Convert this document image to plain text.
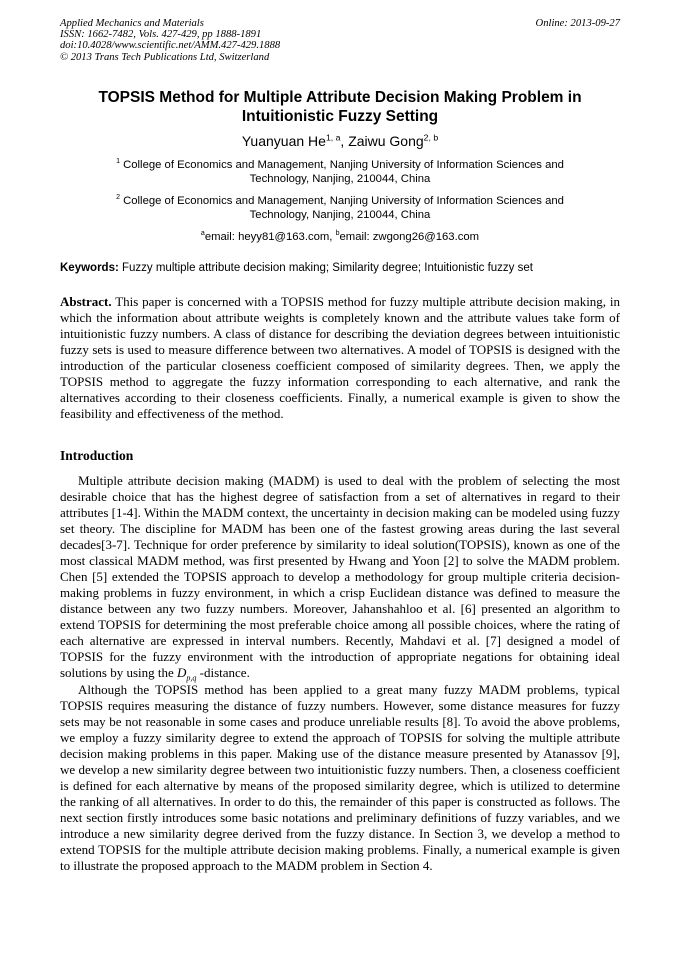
Applied Mechanics and Materials
ISSN: 1662-7482, Vols. 427-429, pp 1888-1891
doi:10.4028/www.scientific.net/AMM.427-429.1888
© 2013 Trans Tech Publications Ltd, Switzerland
Online: 2013-09-27
TOPSIS Method for Multiple Attribute Decision Making Problem in
Intuitionistic Fuzzy Setting
Yuanyuan He$^{1, a}$, Zaiwu Gong$^{2, b}$
$^1$ College of Economics and Management, Nanjing University of Information Sciences and Technology, Nanjing, 210044, China
$^2$ College of Economics and Management, Nanjing University of Information Sciences and Technology, Nanjing, 210044, China
$^a$email: heyy81@163.com, $^b$email: zwgong26@163.com
Keywords: Fuzzy multiple attribute decision making; Similarity degree; Intuitionistic fuzzy set

Abstract. This paper is concerned with a TOPSIS method for fuzzy multiple attribute decision making, in which the information about attribute weights is completely known and the attribute values take form of intuitionistic fuzzy numbers. A class of distance for describing the deviation degrees between intuitionistic fuzzy sets is used to measure difference between two alternatives. A model of TOPSIS is designed with the introduction of the particular closeness coefficient composed of similarity degrees. Then, we apply the TOPSIS method to aggregate the fuzzy information corresponding to each alternative, and rank the alternatives according to their closeness coefficients. Finally, a numerical example is given to show the feasibility and effectiveness of the method.

Introduction

Multiple attribute decision making (MADM) is used to deal with the problem of selecting the most desirable choice that has the highest degree of satisfaction from a set of alternatives in regard to their attributes [1-4]. Within the MADM context, the uncertainty in decision making can be modeled using fuzzy set theory. The discipline for MADM has been one of the fastest growing areas during the last several decades[3-7]. Technique for order preference by similarity to ideal solution(TOPSIS), known as one of the most classical MADM method, was first presented by Hwang and Yoon [2] to solve the MADM problem. Chen [5] extended the TOPSIS approach to develop a methodology for group multiple criteria decision-making problems in fuzzy environment, in which a crisp Euclidean distance was defined to measure the distance between any two fuzzy numbers. Moreover, Jahanshahloo et al. [6] presented an algorithm to extend TOPSIS for determining the most preferable choice among all possible choices, where the rating of each alternative are expressed in interval numbers. Recently, Mahdavi et al. [7] designed a model of TOPSIS for the fuzzy environment with the introduction of appropriate negations for obtaining ideal solutions by using the $D_{p,q}$ -distance.

Although the TOPSIS method has been applied to a great many fuzzy MADM problems, typical TOPSIS requires measuring the distance of fuzzy numbers. However, some distance measures for fuzzy sets may be not reasonable in some cases and produce unreliable results [8]. To avoid the above problems, we employ a fuzzy similarity degree to extend the approach of TOPSIS for solving the multiple attribute decision making problems in this paper. Making use of the distance measure presented by Atanassov [9], we develop a new similarity degree between two intuitionistic fuzzy numbers. Then, a closeness coefficient is defined for each alternative by means of the proposed similarity degree, which is utilized to determine the ranking of all alternatives. In order to do this, the remainder of this paper is constructed as follows. The next section firstly introduces some basic notations and preliminary definitions of fuzzy variables, and we introduce a new similarity degree derived from the fuzzy distance. In Section 3, we develop a method to extend TOPSIS for the multiple attribute decision making problems. Finally, a numerical example is given to illustrate the proposed approach to the MADM problem in Section 4.
